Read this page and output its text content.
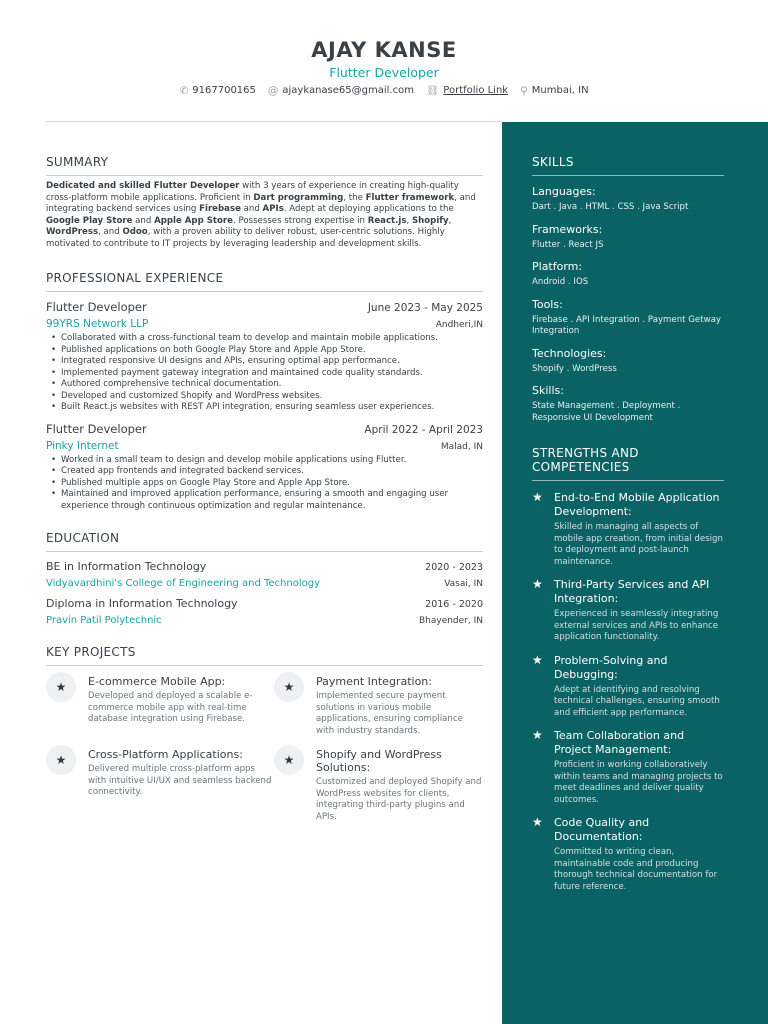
AJAY KANSE
Flutter Developer
✆ 9167700165 @ ajaykanase65@gmail.com ⛓ Portfolio Link ⚲ Mumbai, IN
SUMMARY

Dedicated and skilled Flutter Developer with 3 years of experience in creating high-quality cross-platform mobile applications. Proficient in Dart programming, the Flutter framework, and integrating backend services using Firebase and APIs. Adept at deploying applications to the Google Play Store and Apple App Store. Possesses strong expertise in React.js, Shopify, WordPress, and Odoo, with a proven ability to deliver robust, user-centric solutions. Highly motivated to contribute to IT projects by leveraging leadership and development skills.

PROFESSIONAL EXPERIENCE
Flutter Developer	June 2023 - May 2025
99YRS Network LLP	Andheri,IN
• Collaborated with a cross-functional team to develop and maintain mobile applications.
• Published applications on both Google Play Store and Apple App Store.
• Integrated responsive UI designs and APIs, ensuring optimal app performance.
• Implemented payment gateway integration and maintained code quality standards.
• Authored comprehensive technical documentation.
• Developed and customized Shopify and WordPress websites.
• Built React.js websites with REST API integration, ensuring seamless user experiences.
Flutter Developer	April 2022 - April 2023
Pinky Internet	Malad, IN
• Worked in a small team to design and develop mobile applications using Flutter.
• Created app frontends and integrated backend services.
• Published multiple apps on Google Play Store and Apple App Store.
• Maintained and improved application performance, ensuring a smooth and engaging user experience through continuous optimization and regular maintenance.
EDUCATION
BE in Information Technology	2020 - 2023
Vidyavardhini's College of Engineering and Technology	Vasai, IN
Diploma in Information Technology	2016 - 2020
Pravin Patil Polytechnic	Bhayender, IN
KEY PROJECTS
★	E-commerce Mobile App:
Developed and deployed a scalable e-commerce mobile app with real-time database integration using Firebase.
★	Payment Integration:
Implemented secure payment solutions in various mobile applications, ensuring compliance with industry standards.
★	Cross-Platform Applications:
Delivered multiple cross-platform apps with intuitive UI/UX and seamless backend connectivity.
★	Shopify and WordPress Solutions:
Customized and deployed Shopify and WordPress websites for clients, integrating third-party plugins and APIs.
SKILLS
Languages:
Dart . Java . HTML . CSS . Java Script
Frameworks:
Flutter . React JS
Platform:
Android . IOS
Tools:
Firebase . API Integration . Payment Getway Integration
Technologies:
Shopify . WordPress
Skills:
State Management . Deployment . Responsive UI Development
STRENGTHS AND COMPETENCIES
★	End-to-End Mobile Application Development:
Skilled in managing all aspects of mobile app creation, from initial design to deployment and post-launch maintenance.
★	Third-Party Services and API Integration:
Experienced in seamlessly integrating external services and APIs to enhance application functionality.
★	Problem-Solving and Debugging:
Adept at identifying and resolving technical challenges, ensuring smooth and efficient app performance.
★	Team Collaboration and Project Management:
Proficient in working collaboratively within teams and managing projects to meet deadlines and deliver quality outcomes.
★	Code Quality and Documentation:
Committed to writing clean, maintainable code and producing thorough technical documentation for future reference.
